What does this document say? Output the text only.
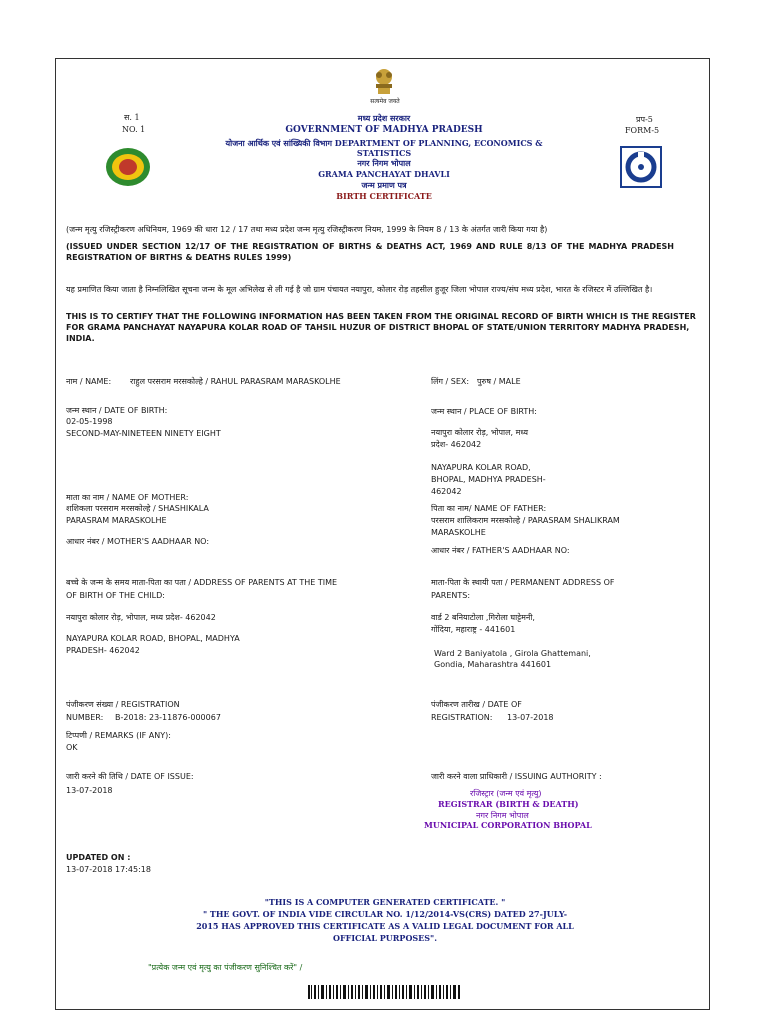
सत्यमेव जयते
स. 1
NO. 1
प्रप-5
FORM-5
मध्य प्रदेश सरकार
GOVERNMENT OF MADHYA PRADESH
योजना आर्थिक एवं सांख्यिकी विभाग DEPARTMENT OF PLANNING, ECONOMICS &
STATISTICS
नगर निगम भोपाल
GRAMA PANCHAYAT DHAVLI
जन्म प्रमाण पत्र
BIRTH CERTIFICATE
(जन्म मृत्यु रजिस्ट्रीकरण अधिनियम, 1969 की धारा 12 / 17 तथा मध्य प्रदेश जन्म मृत्यु रजिस्ट्रीकरण नियम, 1999 के नियम 8 / 13 के अंतर्गत जारी किया गया है)
(ISSUED UNDER SECTION 12/17 OF THE REGISTRATION OF BIRTHS & DEATHS ACT, 1969 AND RULE 8/13 OF THE MADHYA PRADESH REGISTRATION OF BIRTHS & DEATHS RULES 1999)
यह प्रमाणित किया जाता है निम्नलिखित सूचना जन्म के मूल अभिलेख से ली गई है जो ग्राम पंचायत नयापुरा, कोलार रोड़ तहसील हुजूर जिला भोपाल राज्य/संघ मध्य प्रदेश, भारत के रजिस्टर में उल्लिखित है।
THIS IS TO CERTIFY THAT THE FOLLOWING INFORMATION HAS BEEN TAKEN FROM THE ORIGINAL RECORD OF BIRTH WHICH IS THE REGISTER FOR GRAMA PANCHAYAT NAYAPURA KOLAR ROAD OF TAHSIL HUZUR OF DISTRICT BHOPAL OF STATE/UNION TERRITORY MADHYA PRADESH, INDIA.
नाम / NAME: राहुल परसराम मरसकोल्हे / RAHUL PARASRAM MARASKOLHE	लिंग / SEX: पुरुष / MALE
जन्म स्थान / DATE OF BIRTH:
02-05-1998
SECOND-MAY-NINETEEN NINETY EIGHT
जन्म स्थान / PLACE OF BIRTH:
नयापुरा कोलार रोड़, भोपाल, मध्य
प्रदेश- 462042
NAYAPURA KOLAR ROAD,
BHOPAL, MADHYA PRADESH-
462042
माता का नाम / NAME OF MOTHER:
शशिकला परसराम मरसकोल्हे / SHASHIKALA
PARASRAM MARASKOLHE
पिता का नाम/ NAME OF FATHER:
परसराम शालिकराम मरसकोल्हे / PARASRAM SHALIKRAM
MARASKOLHE
आधार नंबर / MOTHER'S AADHAAR NO:
आधार नंबर / FATHER'S AADHAAR NO:
बच्चे के जन्म के समय माता-पिता का पता / ADDRESS OF PARENTS AT THE TIME
OF BIRTH OF THE CHILD:
नयापुरा कोलार रोड़, भोपाल, मध्य प्रदेश- 462042
NAYAPURA KOLAR ROAD, BHOPAL, MADHYA
PRADESH- 462042
माता-पिता के स्थायी पता / PERMANENT ADDRESS OF
PARENTS:
वार्ड 2 बनियाटोला ,गिरोला घाट्टेमनी,
गोंदिया, महाराष्ट्र - 441601
Ward 2 Baniyatola , Girola Ghattemani,
Gondia, Maharashtra 441601
पंजीकरण संख्या / REGISTRATION
NUMBER: B-2018: 23-11876-000067
पंजीकरण तारीख / DATE OF
REGISTRATION: 13-07-2018
टिप्पणी / REMARKS (IF ANY):
OK
जारी करने की तिथि / DATE OF ISSUE:
13-07-2018
जारी करने वाला प्राधिकारी / ISSUING AUTHORITY :
रजिस्ट्रार (जन्म एवं मृत्यु)
REGISTRAR (BIRTH & DEATH)
नगर निगम भोपाल
MUNICIPAL CORPORATION BHOPAL
UPDATED ON :
13-07-2018 17:45:18
"THIS IS A COMPUTER GENERATED CERTIFICATE. "
" THE GOVT. OF INDIA VIDE CIRCULAR NO. 1/12/2014-VS(CRS) DATED 27-JULY-
2015 HAS APPROVED THIS CERTIFICATE AS A VALID LEGAL DOCUMENT FOR ALL
OFFICIAL PURPOSES".
"प्रत्येक जन्म एवं मृत्यु का पंजीकरण सुनिश्चित करें" /
